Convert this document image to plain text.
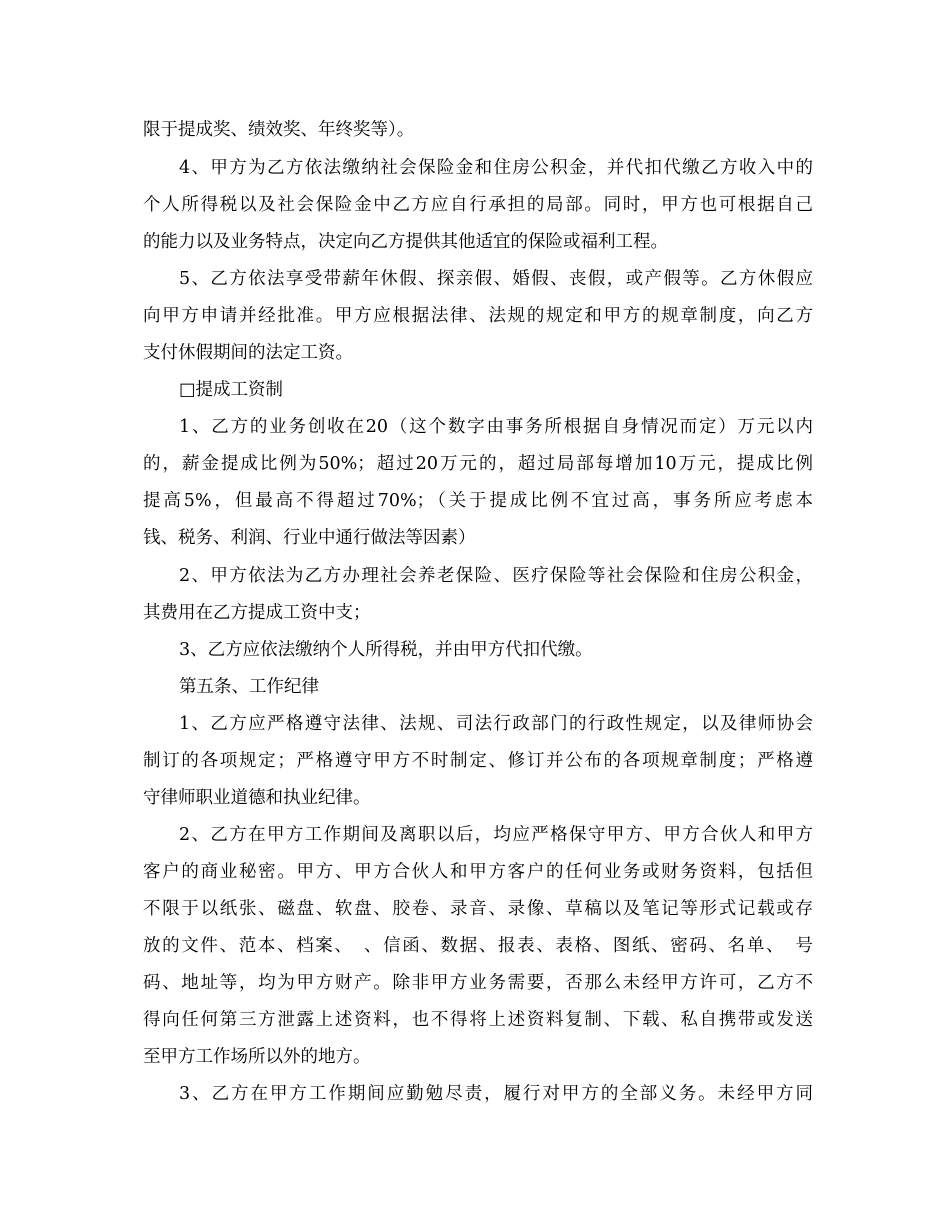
限于提成奖、绩效奖、年终奖等）。
4、甲方为乙方依法缴纳社会保险金和住房公积金，并代扣代缴乙方收入中的
个人所得税以及社会保险金中乙方应自行承担的局部。同时，甲方也可根据自己
的能力以及业务特点，决定向乙方提供其他适宜的保险或福利工程。
5、乙方依法享受带薪年休假、探亲假、婚假、丧假，或产假等。乙方休假应
向甲方申请并经批准。甲方应根据法律、法规的规定和甲方的规章制度，向乙方
支付休假期间的法定工资。
□提成工资制
1、乙方的业务创收在20（这个数字由事务所根据自身情况而定）万元以内
的，薪金提成比例为50%；超过20万元的，超过局部每增加10万元，提成比例
提高5%，但最高不得超过70%；（关于提成比例不宜过高，事务所应考虑本
钱、税务、利润、行业中通行做法等因素）
2、甲方依法为乙方办理社会养老保险、医疗保险等社会保险和住房公积金，
其费用在乙方提成工资中支；
3、乙方应依法缴纳个人所得税，并由甲方代扣代缴。
第五条、工作纪律
1、乙方应严格遵守法律、法规、司法行政部门的行政性规定，以及律师协会
制订的各项规定；严格遵守甲方不时制定、修订并公布的各项规章制度；严格遵
守律师职业道德和执业纪律。
2、乙方在甲方工作期间及离职以后，均应严格保守甲方、甲方合伙人和甲方
客户的商业秘密。甲方、甲方合伙人和甲方客户的任何业务或财务资料，包括但
不限于以纸张、磁盘、软盘、胶卷、录音、录像、草稿以及笔记等形式记载或存
放的文件、范本、档案、　、信函、数据、报表、表格、图纸、密码、名单、　号
码、地址等，均为甲方财产。除非甲方业务需要，否那么未经甲方许可，乙方不
得向任何第三方泄露上述资料，也不得将上述资料复制、下载、私自携带或发送
至甲方工作场所以外的地方。
3、乙方在甲方工作期间应勤勉尽责，履行对甲方的全部义务。未经甲方同
